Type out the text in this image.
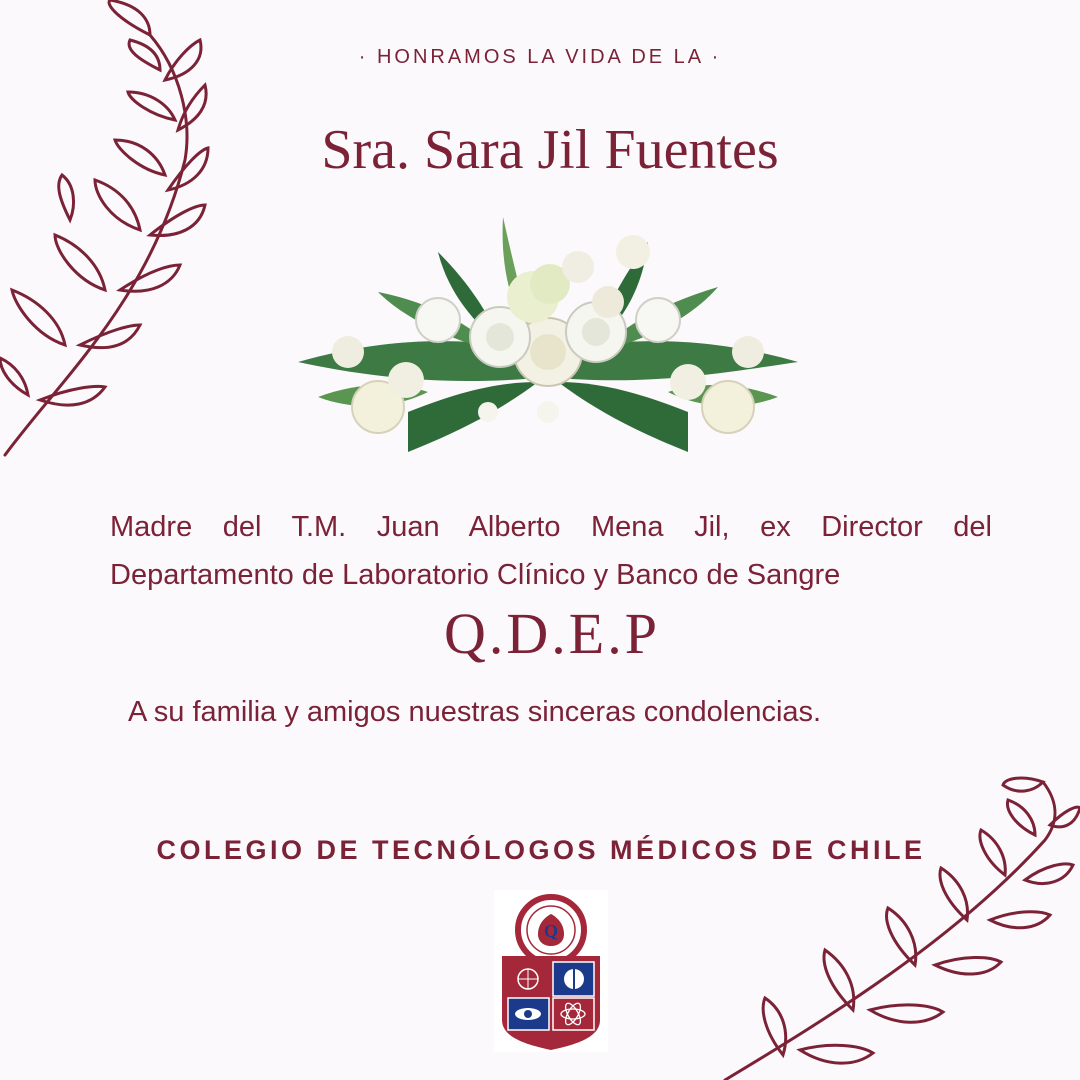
· HONRAMOS LA VIDA DE LA ·
Sra. Sara Jil Fuentes
Madre del T.M. Juan Alberto Mena Jil, ex Director del
Departamento de Laboratorio Clínico y Banco de Sangre
Q.D.E.P
A su familia y amigos nuestras sinceras condolencias.
COLEGIO DE TECNÓLOGOS MÉDICOS DE CHILE
Q
